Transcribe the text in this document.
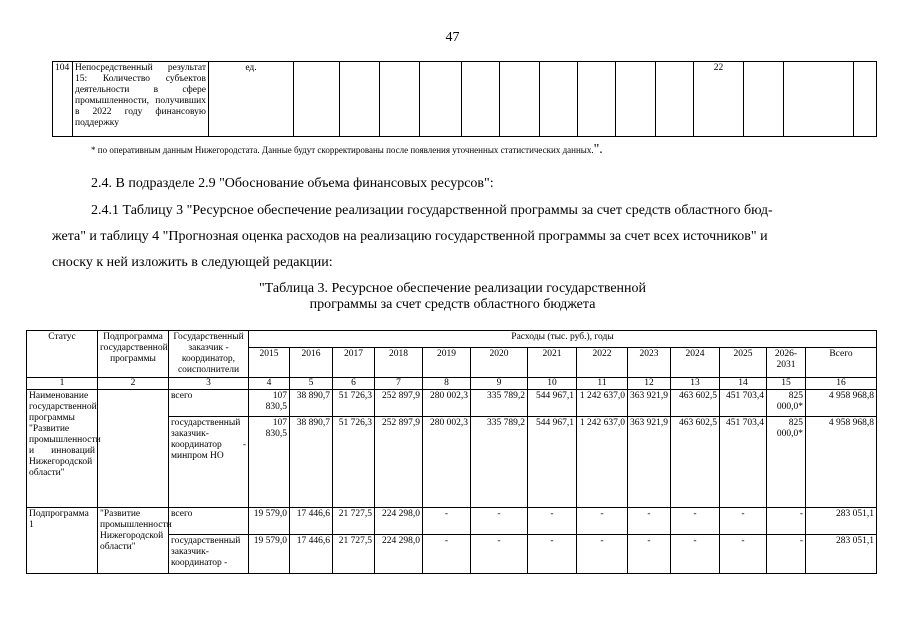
47
104	Непосредственный результат 15: Количество субъектов деятельности в сфере промышленности, получивших в 2022 году финансовую поддержку	ед.											22			
* по оперативным данным Нижегородстата. Данные будут скорректированы после появления уточненных статистических данных.".
2.4. В подразделе 2.9 "Обоснование объема финансовых ресурсов":
2.4.1 Таблицу 3 "Ресурсное обеспечение реализации государственной программы за счет средств областного бюд-
жета" и таблицу 4 "Прогнозная оценка расходов на реализацию государственной программы за счет всех источников" и
сноску к ней изложить в следующей редакции:
"Таблица 3. Ресурсное обеспечение реализации государственной
программы за счет средств областного бюджета
Статус	Подпрограмма государственной программы	Государственный заказчик - координатор, соисполнители	Расходы (тыс. руб.), годы												
			2015	2016	2017	2018	2019	2020	2021	2022	2023	2024	2025	2026-2031	Всего
1	2	3	4	5	6	7	8	9	10	11	12	13	14	15	16
Наименование государственной программы "Развитие промышленности и инноваций Нижегородской области"		всего	107 830,5	38 890,7	51 726,3	252 897,9	280 002,3	335 789,2	544 967,1	1 242 637,0	363 921,9	463 602,5	451 703,4	825 000,0*	4 958 968,8
		государственный заказчик-координатор - минпром НО	107 830,5	38 890,7	51 726,3	252 897,9	280 002,3	335 789,2	544 967,1	1 242 637,0	363 921,9	463 602,5	451 703,4	825 000,0*	4 958 968,8
Подпрограмма 1	"Развитие промышленности Нижегородской области"	всего	19 579,0	17 446,6	21 727,5	224 298,0	-	-	-	-	-	-	-	-	283 051,1
		государственный заказчик-координатор -	19 579,0	17 446,6	21 727,5	224 298,0	-	-	-	-	-	-	-	-	283 051,1
